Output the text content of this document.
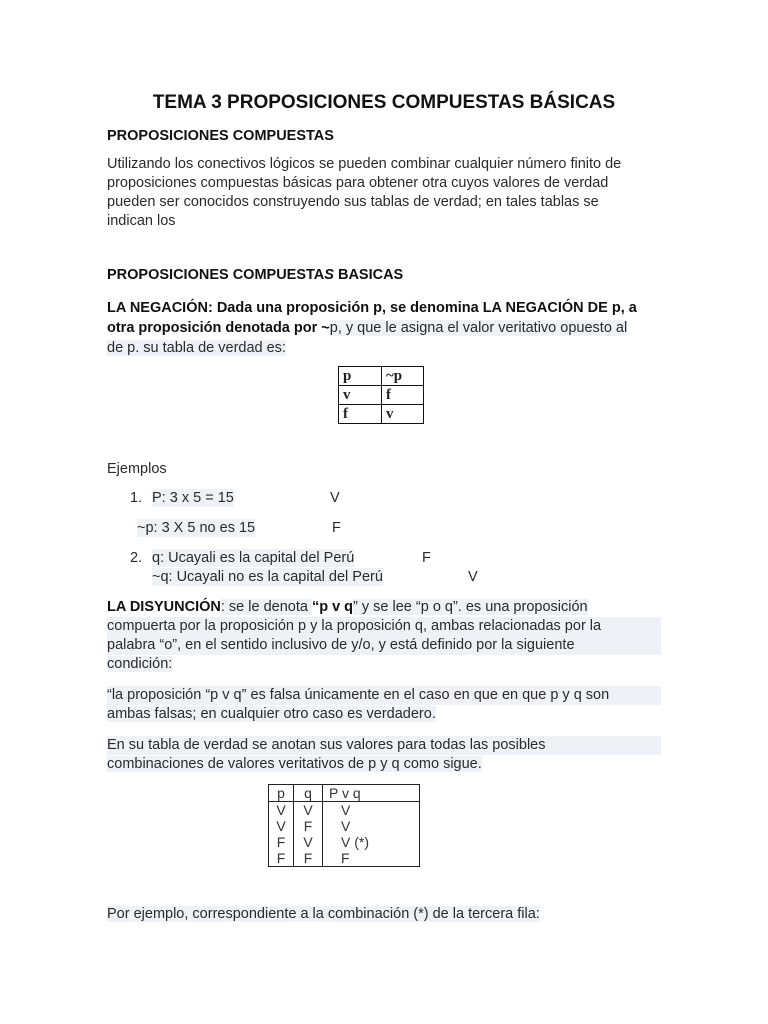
TEMA 3 PROPOSICIONES COMPUESTAS BÁSICAS
PROPOSICIONES COMPUESTAS
Utilizando los conectivos lógicos se pueden combinar cualquier número finito de
proposiciones compuestas básicas para obtener otra cuyos valores de verdad
pueden ser conocidos construyendo sus tablas de verdad; en tales tablas se
indican los
PROPOSICIONES COMPUESTAS BASICAS
LA NEGACIÓN: Dada una proposición p, se denomina LA NEGACIÓN DE p, a
otra proposición denotada por ~p, y que le asigna el valor veritativo opuesto al
de p. su tabla de verdad es:
p	~p
v	f
f	v
Ejemplos
1. P: 3 x 5 = 15	V
~p: 3 X 5 no es 15	F
2. q: Ucayali es la capital del Perú	F
~q: Ucayali no es la capital del Perú	V
LA DISYUNCIÓN: se le denota “p v q” y se lee “p o q”. es una proposición
compuerta por la proposición p y la proposición q, ambas relacionadas por la
palabra “o”, en el sentido inclusivo de y/o, y está definido por la siguiente
condición:
“la proposición “p v q” es falsa únicamente en el caso en que en que p y q son
ambas falsas; en cualquier otro caso es verdadero.
En su tabla de verdad se anotan sus valores para todas las posibles
combinaciones de valores veritativos de p y q como sigue.
p	q	P v q
V	V	V
V	F	V
F	V	V (*)
F	F	F
Por ejemplo, correspondiente a la combinación (*) de la tercera fila:
